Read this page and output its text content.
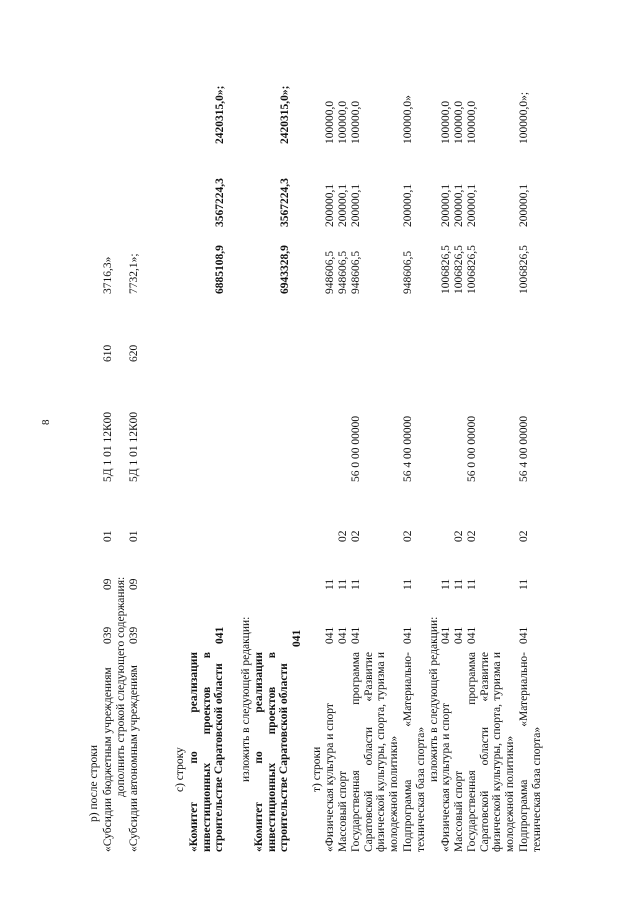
8
р) после строки «Субсидии бюджетным учреждениям
039
09
01
5Д 1 01 12К00
610
3716,3»
дополнить строкой следующего содержания: «Субсидии автономным учреждениям
039
09
01
5Д 1 01 12К00
620
7732,1»;
с) строку «Комитет по реализации инвестиционных проектов в строительстве Саратовской области
041
6885108,9
3567224,3
2420315,0»;
изложить в следующей редакции: «Комитет по реализации инвестиционных проектов в строительстве Саратовской области
041
6943328,9
3567224,3
2420315,0»;
т) строки «Физическая культура и спорт
041
11
948606,5
200000,1
100000,0
Массовый спорт
041
11
02
948606,5
200000,1
100000,0
Государственная программа Саратовской области «Развитие физической культуры, спорта, туризма и молодежной политики»
041
11
02
56 0 00 00000
948606,5
200000,1
100000,0
Подпрограмма «Материально-техническая база спорта»
041
11
02
56 4 00 00000
948606,5
200000,1
100000,0»
изложить в следующей редакции: «Физическая культура и спорт
041
11
1006826,5
200000,1
100000,0
Массовый спорт
041
11
02
1006826,5
200000,1
100000,0
Государственная программа Саратовской области «Развитие физической культуры, спорта, туризма и молодежной политики»
041
11
02
56 0 00 00000
1006826,5
200000,1
100000,0
Подпрограмма «Материально-техническая база спорта»
041
11
02
56 4 00 00000
1006826,5
200000,1
100000,0»;
